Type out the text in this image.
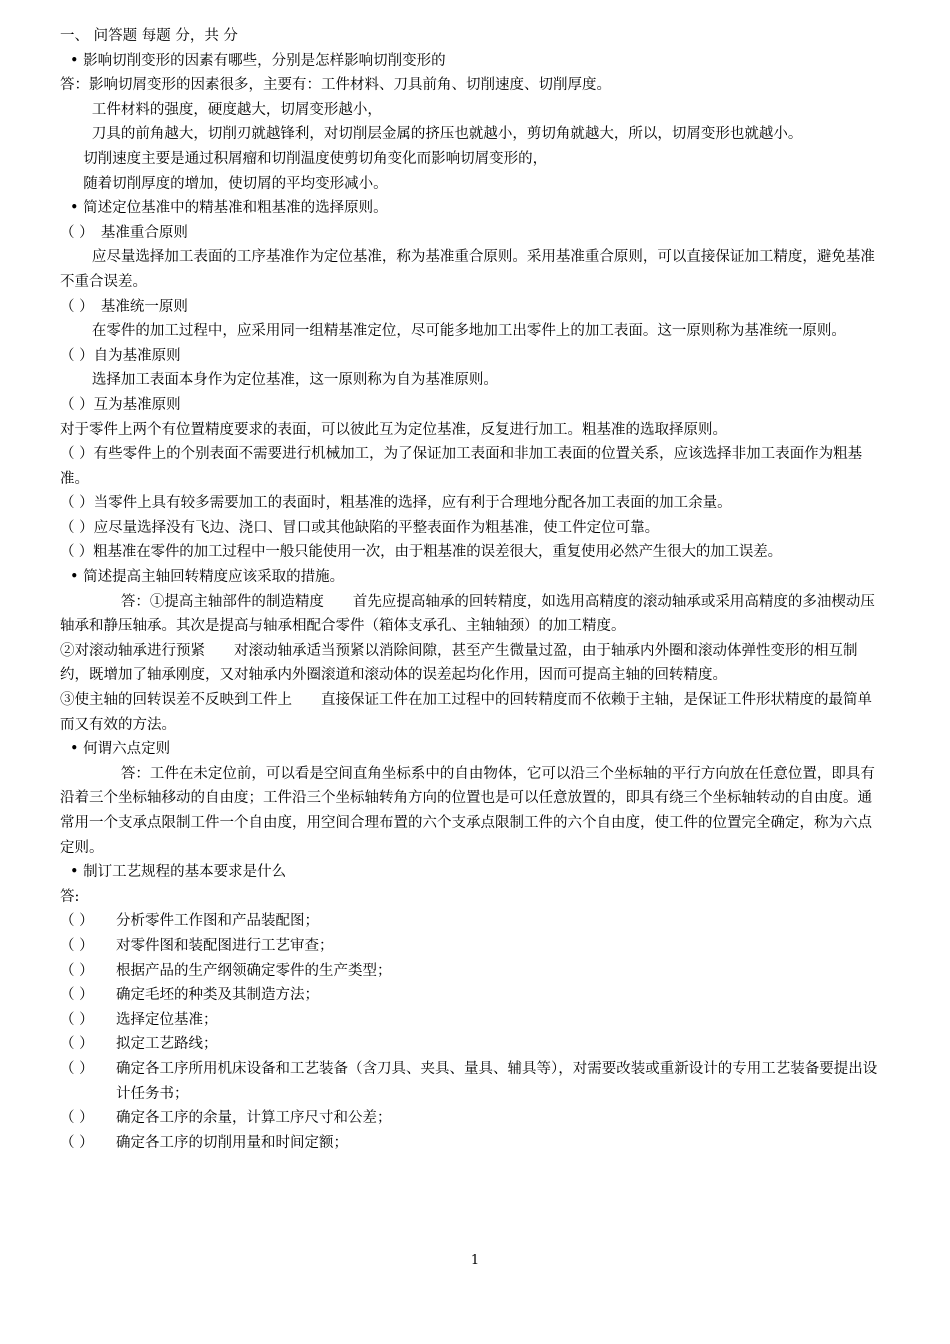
一、 问答题 每题 分，共 分

• 影响切削变形的因素有哪些，分别是怎样影响切削变形的

答：影响切屑变形的因素很多，主要有：工件材料、刀具前角、切削速度、切削厚度。

工件材料的强度，硬度越大，切屑变形越小，

刀具的前角越大，切削刃就越锋利，对切削层金属的挤压也就越小，剪切角就越大，所以，切屑变形也就越小。

切削速度主要是通过积屑瘤和切削温度使剪切角变化而影响切屑变形的，

随着切削厚度的增加，使切屑的平均变形减小。

• 简述定位基准中的精基准和粗基准的选择原则。

（ ）　基准重合原则

应尽量选择加工表面的工序基准作为定位基准，称为基准重合原则。采用基准重合原则，可以直接保证加工精度，避免基准不重合误差。

（ ）　基准统一原则

在零件的加工过程中，应采用同一组精基准定位，尽可能多地加工出零件上的加工表面。这一原则称为基准统一原则。

（ ）自为基准原则

选择加工表面本身作为定位基准，这一原则称为自为基准原则。

（ ）互为基准原则

对于零件上两个有位置精度要求的表面，可以彼此互为定位基准，反复进行加工。粗基准的选取择原则。

（ ）有些零件上的个别表面不需要进行机械加工，为了保证加工表面和非加工表面的位置关系，应该选择非加工表面作为粗基准。

（ ）当零件上具有较多需要加工的表面时，粗基准的选择，应有利于合理地分配各加工表面的加工余量。

（ ）应尽量选择没有飞边、浇口、冒口或其他缺陷的平整表面作为粗基准，使工件定位可靠。

（ ）粗基准在零件的加工过程中一般只能使用一次，由于粗基准的误差很大，重复使用必然产生很大的加工误差。

• 简述提高主轴回转精度应该采取的措施。

答：①提高主轴部件的制造精度　　首先应提高轴承的回转精度，如选用高精度的滚动轴承或采用高精度的多油楔动压轴承和静压轴承。其次是提高与轴承相配合零件（箱体支承孔、主轴轴颈）的加工精度。

②对滚动轴承进行预紧　　对滚动轴承适当预紧以消除间隙，甚至产生微量过盈，由于轴承内外圈和滚动体弹性变形的相互制约，既增加了轴承刚度，又对轴承内外圈滚道和滚动体的误差起均化作用，因而可提高主轴的回转精度。

③使主轴的回转误差不反映到工件上　　直接保证工件在加工过程中的回转精度而不依赖于主轴，是保证工件形状精度的最简单而又有效的方法。

• 何谓六点定则

答：工件在未定位前，可以看是空间直角坐标系中的自由物体，它可以沿三个坐标轴的平行方向放在任意位置，即具有沿着三个坐标轴移动的自由度；工件沿三个坐标轴转角方向的位置也是可以任意放置的，即具有绕三个坐标轴转动的自由度。通常用一个支承点限制工件一个自由度，用空间合理布置的六个支承点限制工件的六个自由度，使工件的位置完全确定，称为六点定则。

• 制订工艺规程的基本要求是什么

答:

（ ）	分析零件工作图和产品装配图；
（ ）	对零件图和装配图进行工艺审查；
（ ）	根据产品的生产纲领确定零件的生产类型；
（ ）	确定毛坯的种类及其制造方法；
（ ）	选择定位基准；
（ ）	拟定工艺路线；
（ ）	确定各工序所用机床设备和工艺装备（含刀具、夹具、量具、辅具等），对需要改装或重新设计的专用工艺装备要提出设计任务书；
（ ）	确定各工序的余量，计算工序尺寸和公差；
（ ）	确定各工序的切削用量和时间定额；
1
